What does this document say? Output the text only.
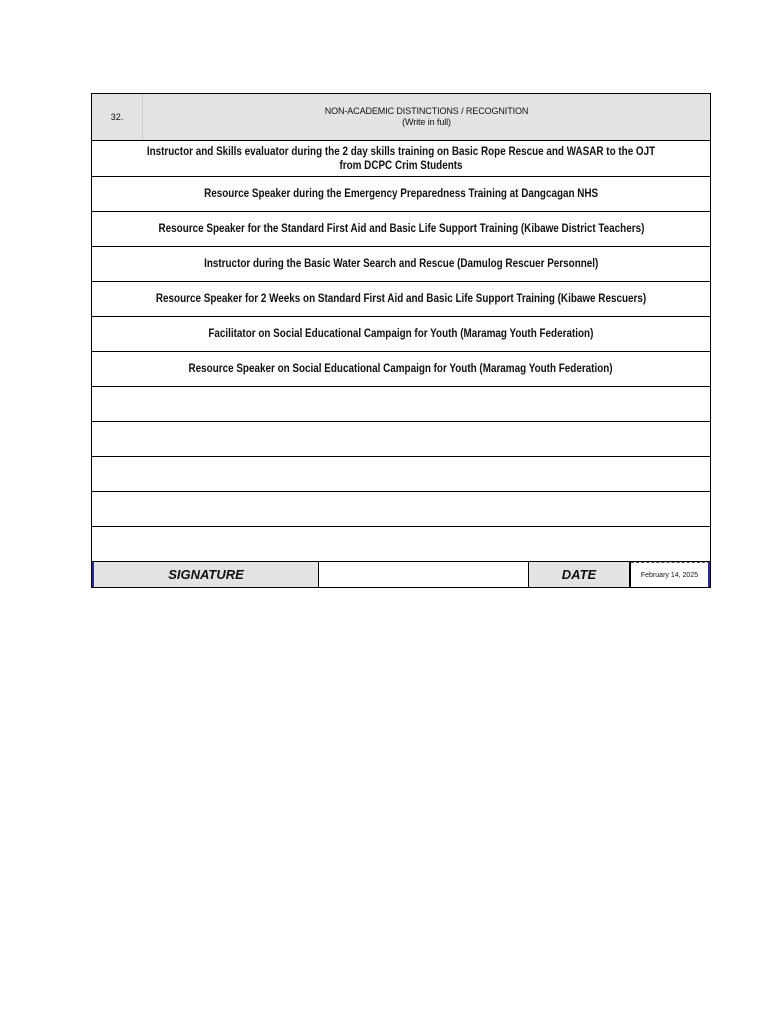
32.
NON-ACADEMIC DISTINCTIONS / RECOGNITION
(Write in full)
Instructor and Skills evaluator during the 2 day skills training on Basic Rope Rescue and WASAR to the OJT from DCPC Crim Students
Resource Speaker during the Emergency Preparedness Training at Dangcagan NHS
Resource Speaker for the Standard First Aid and Basic Life Support Training (Kibawe District Teachers)
Instructor during the Basic Water Search and Rescue (Damulog Rescuer Personnel)
Resource Speaker for 2 Weeks on Standard First Aid and Basic Life Support Training (Kibawe Rescuers)
Facilitator on Social Educational Campaign for Youth (Maramag Youth Federation)
Resource Speaker on Social Educational Campaign for Youth (Maramag Youth Federation)
SIGNATURE	DATE	February 14, 2025
